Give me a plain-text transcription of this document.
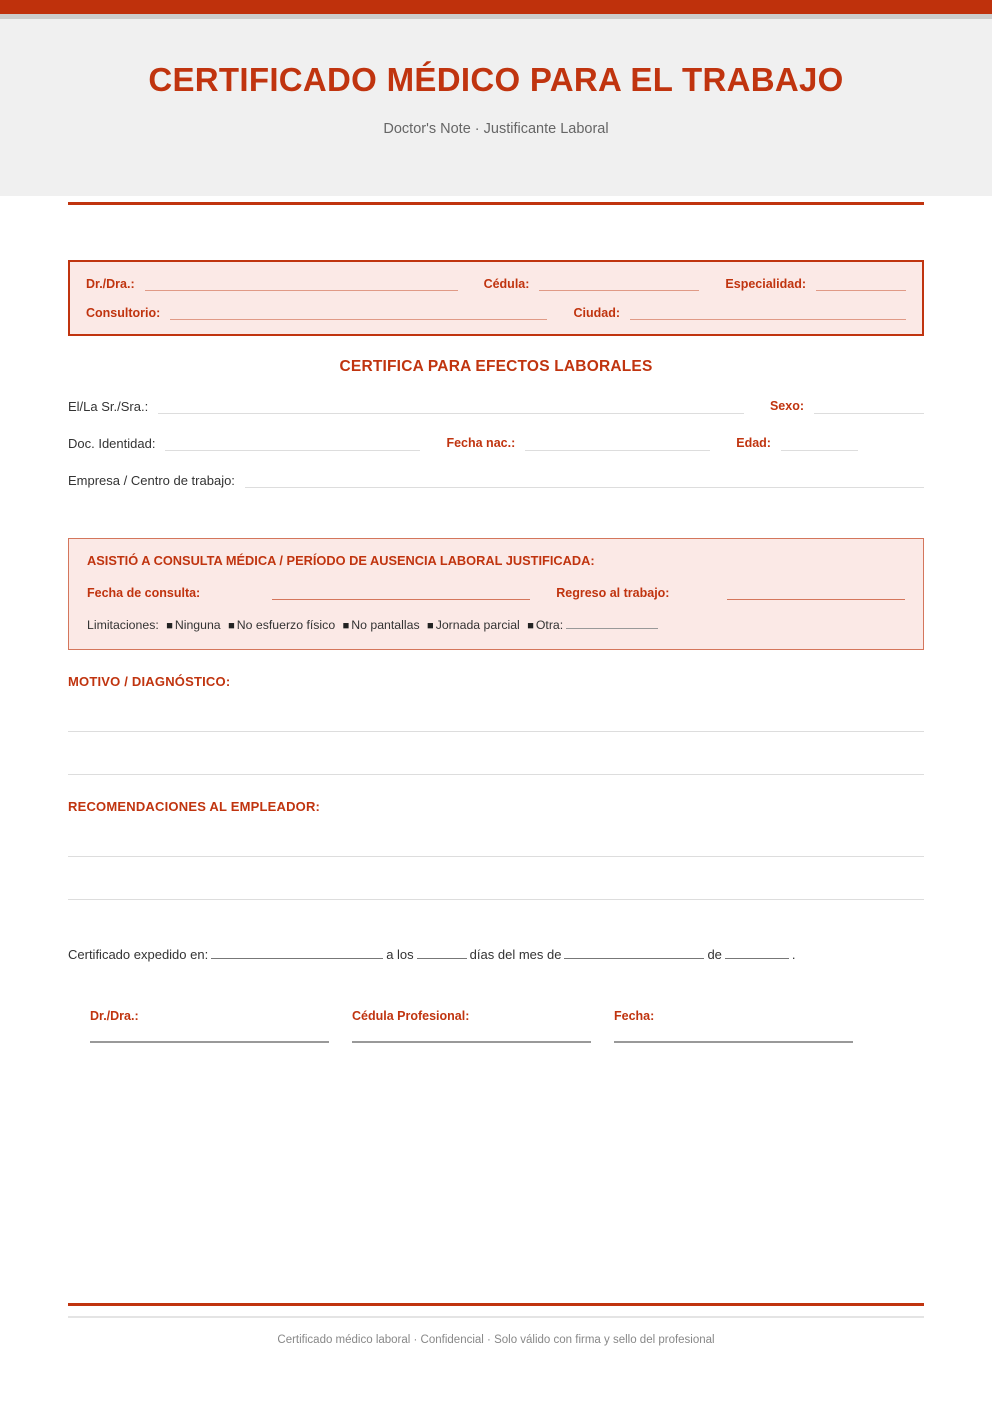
CERTIFICADO MÉDICO PARA EL TRABAJO

Doctor's Note · Justificante Laboral

Dr./Dra.:	Cédula:	Especialidad:
Consultorio:	Ciudad:
CERTIFICA PARA EFECTOS LABORALES
El/La Sr./Sra.:	Sexo:
Doc. Identidad:	Fecha nac.:	Edad:
Empresa / Centro de trabajo:
ASISTIÓ A CONSULTA MÉDICA / PERÍODO DE AUSENCIA LABORAL JUSTIFICADA:
Fecha de consulta:	Regreso al trabajo:
Limitaciones: ■ Ninguna ■ No esfuerzo físico ■ No pantallas ■ Jornada parcial ■ Otra:
MOTIVO / DIAGNÓSTICO:
RECOMENDACIONES AL EMPLEADOR:
Certificado expedido en:	a los	días del mes de	de	.
Dr./Dra.:	Cédula Profesional:	Fecha:
Certificado médico laboral · Confidencial · Solo válido con firma y sello del profesional
